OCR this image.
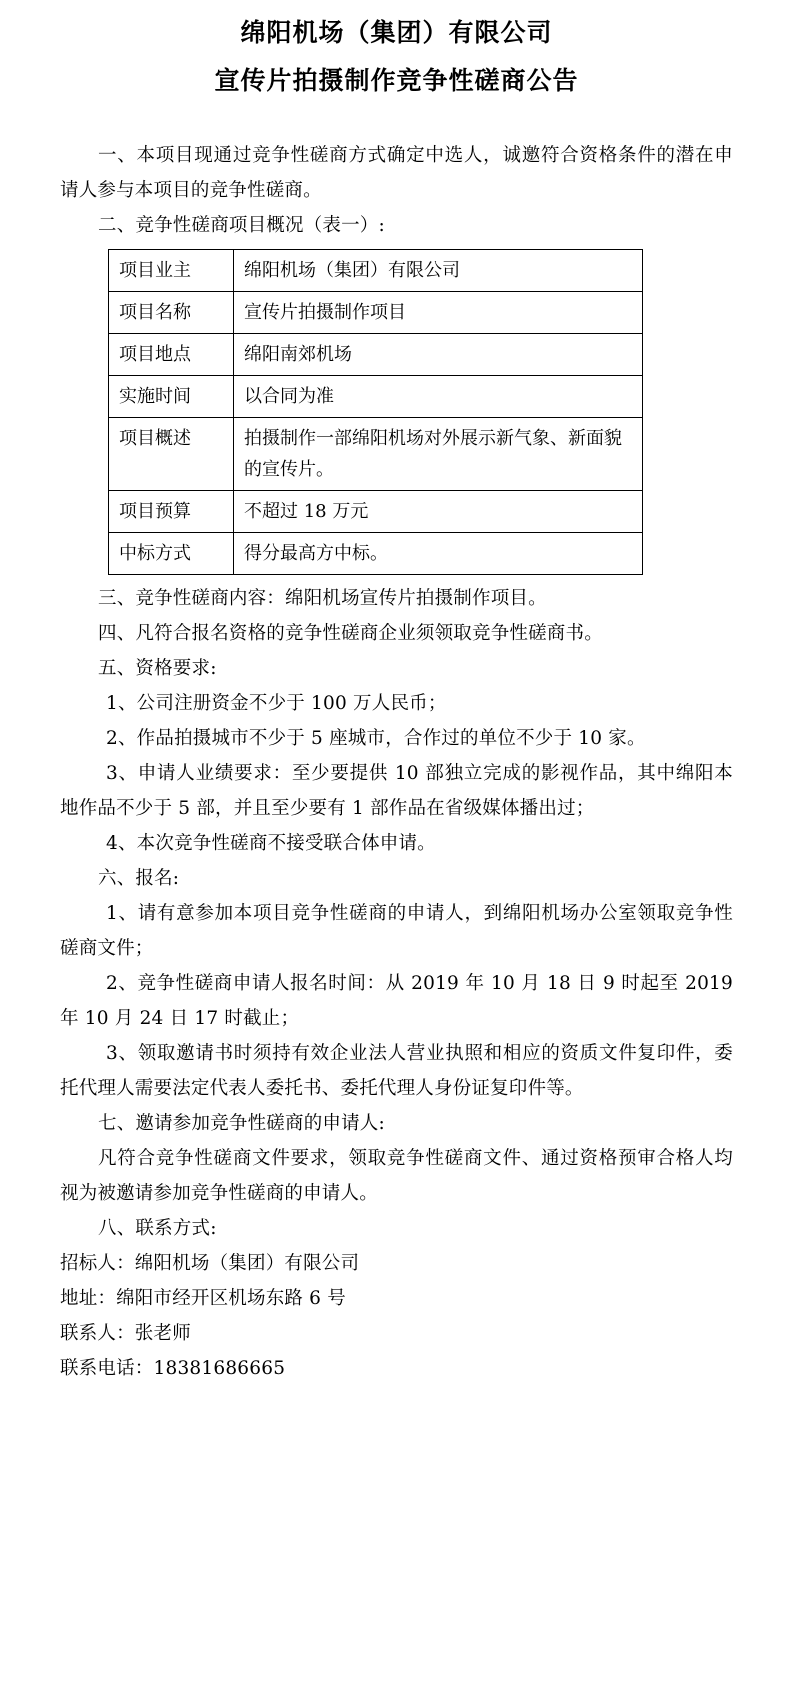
绵阳机场（集团）有限公司
宣传片拍摄制作竞争性磋商公告

一、本项目现通过竞争性磋商方式确定中选人，诚邀符合资格条件的潜在申请人参与本项目的竞争性磋商。

二、竞争性磋商项目概况（表一）:

项目业主	绵阳机场（集团）有限公司
项目名称	宣传片拍摄制作项目
项目地点	绵阳南郊机场
实施时间	以合同为准
项目概述	拍摄制作一部绵阳机场对外展示新气象、新面貌的宣传片。
项目预算	不超过 18 万元
中标方式	得分最高方中标。

三、竞争性磋商内容：绵阳机场宣传片拍摄制作项目。

四、凡符合报名资格的竞争性磋商企业须领取竞争性磋商书。

五、资格要求:

1、公司注册资金不少于 100 万人民币；

2、作品拍摄城市不少于 5 座城市，合作过的单位不少于 10 家。

3、申请人业绩要求：至少要提供 10 部独立完成的影视作品，其中绵阳本地作品不少于 5 部，并且至少要有 1 部作品在省级媒体播出过；

4、本次竞争性磋商不接受联合体申请。

六、报名:

1、请有意参加本项目竞争性磋商的申请人，到绵阳机场办公室领取竞争性磋商文件；

2、竞争性磋商申请人报名时间：从 2019 年 10 月 18 日 9 时起至 2019 年 10 月 24 日 17 时截止；

3、领取邀请书时须持有效企业法人营业执照和相应的资质文件复印件，委托代理人需要法定代表人委托书、委托代理人身份证复印件等。

七、邀请参加竞争性磋商的申请人:

凡符合竞争性磋商文件要求，领取竞争性磋商文件、通过资格预审合格人均视为被邀请参加竞争性磋商的申请人。

八、联系方式:

招标人：绵阳机场（集团）有限公司

地址：绵阳市经开区机场东路 6 号

联系人：张老师

联系电话：18381686665
